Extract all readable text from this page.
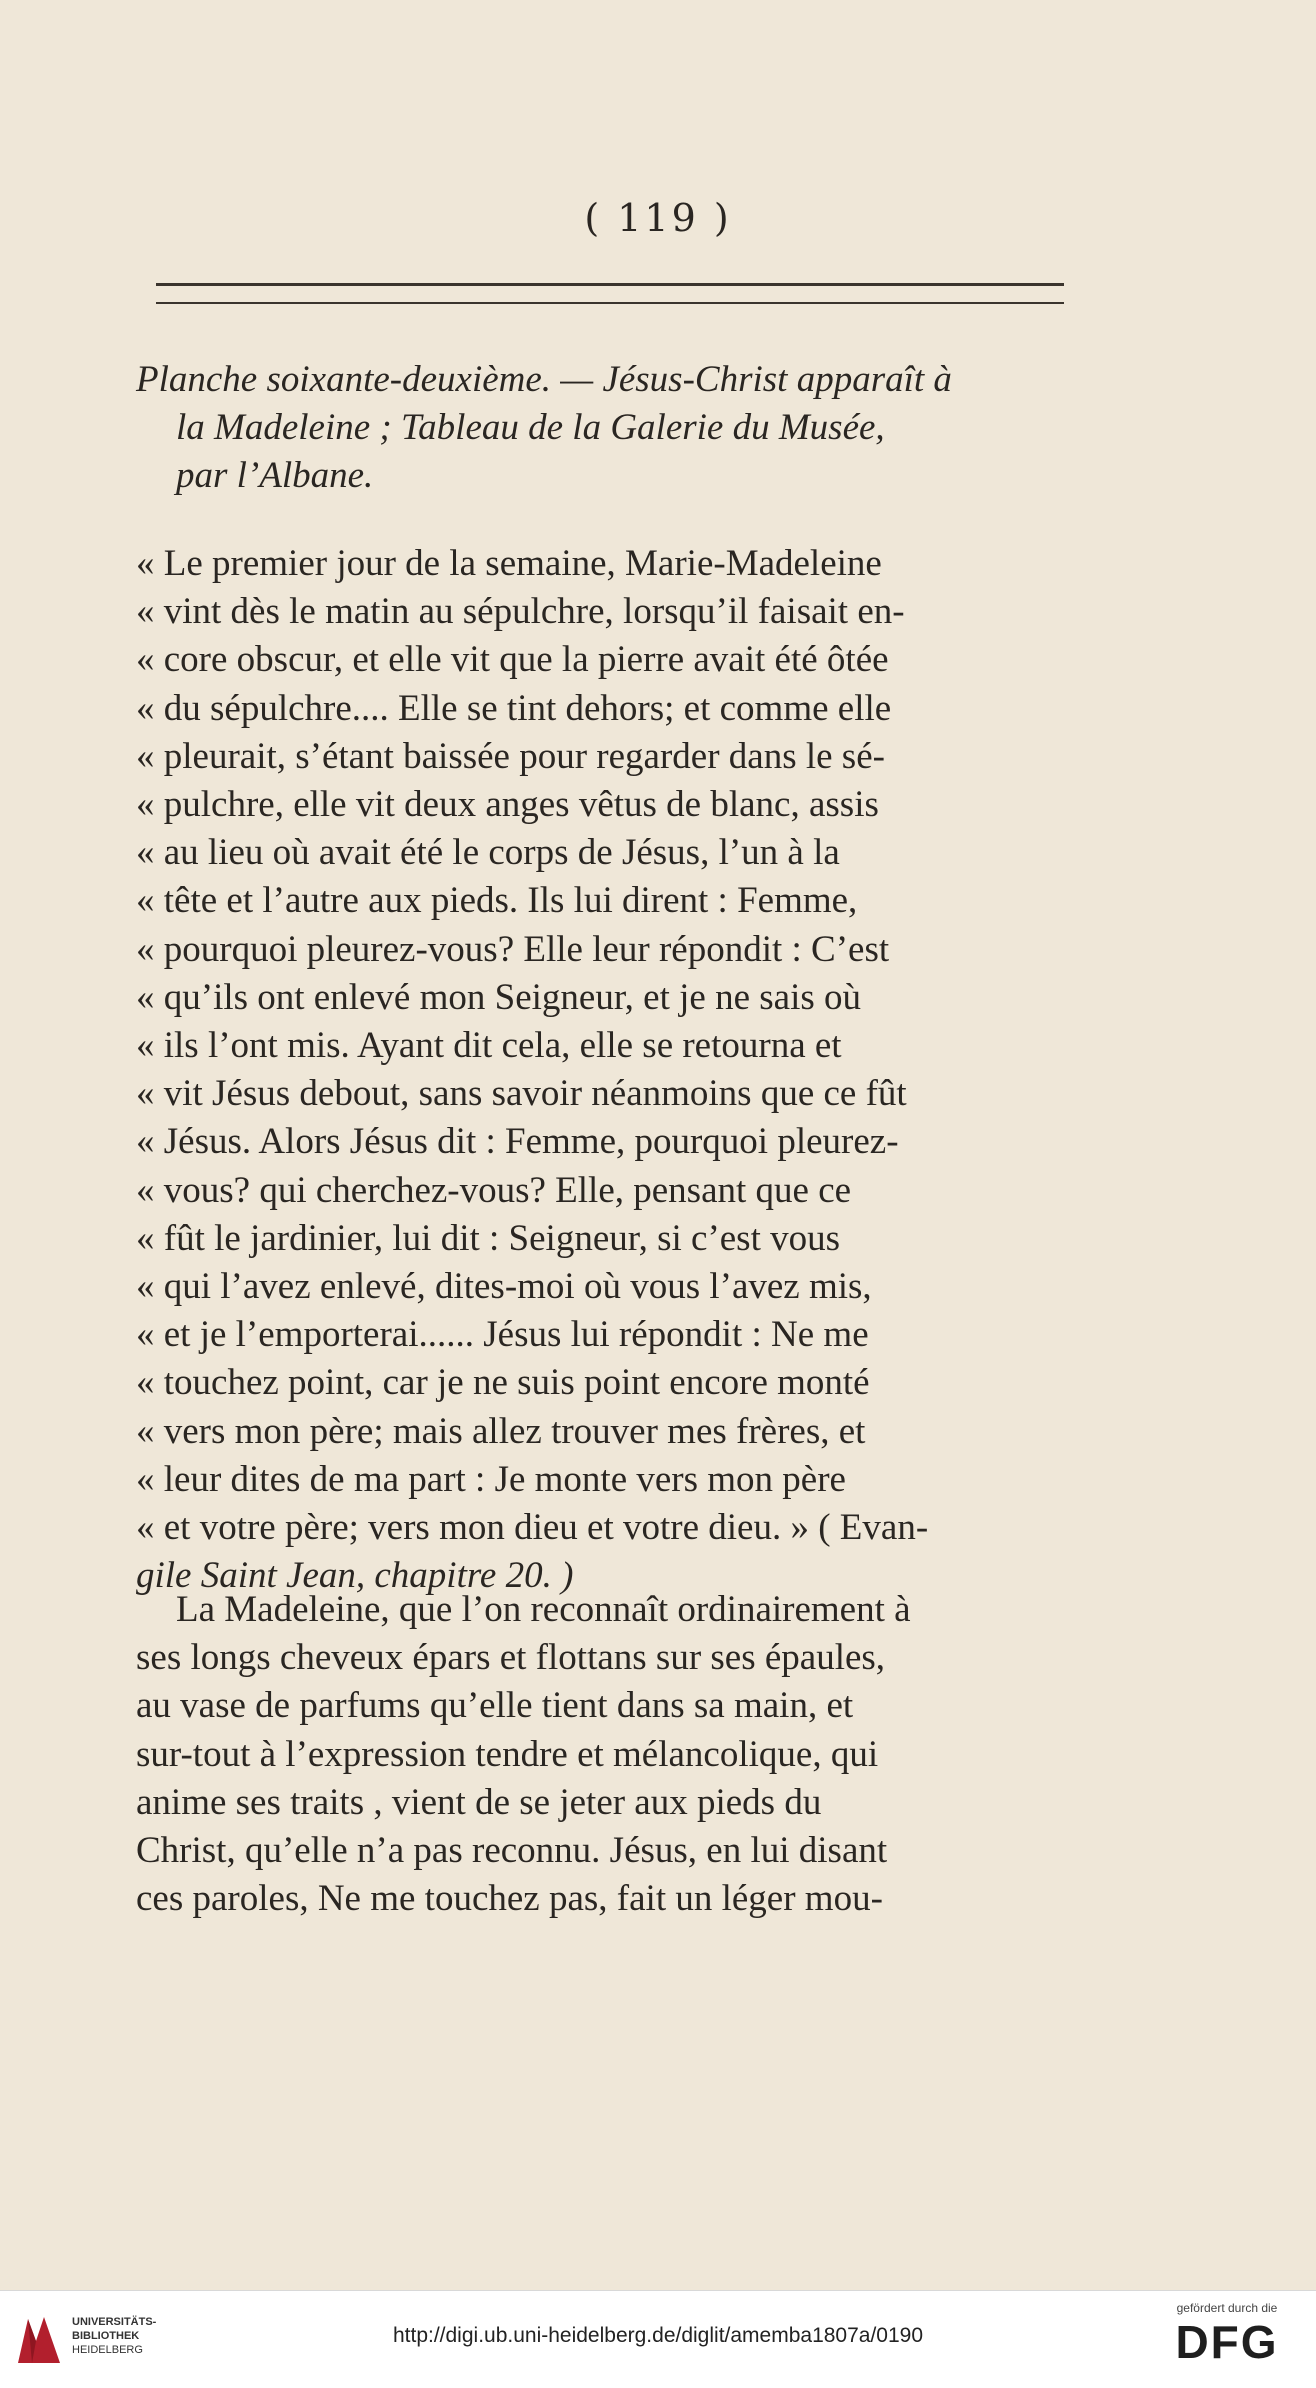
( 119 )

Planche soixante-deuxième. — Jésus-Christ apparaît à

la Madeleine ; Tableau de la Galerie du Musée,

par l’Albane.

« Le premier jour de la semaine, Marie-Madeleine

« vint dès le matin au sépulchre, lorsqu’il faisait en-

« core obscur, et elle vit que la pierre avait été ôtée

« du sépulchre.... Elle se tint dehors; et comme elle

« pleurait, s’étant baissée pour regarder dans le sé-

« pulchre, elle vit deux anges vêtus de blanc, assis

« au lieu où avait été le corps de Jésus, l’un à la

« tête et l’autre aux pieds. Ils lui dirent : Femme,

« pourquoi pleurez-vous? Elle leur répondit : C’est

« qu’ils ont enlevé mon Seigneur, et je ne sais où

« ils l’ont mis. Ayant dit cela, elle se retourna et

« vit Jésus debout, sans savoir néanmoins que ce fût

« Jésus. Alors Jésus dit : Femme, pourquoi pleurez-

« vous? qui cherchez-vous? Elle, pensant que ce

« fût le jardinier, lui dit : Seigneur, si c’est vous

« qui l’avez enlevé, dites-moi où vous l’avez mis,

« et je l’emporterai...... Jésus lui répondit : Ne me

« touchez point, car je ne suis point encore monté

« vers mon père; mais allez trouver mes frères, et

« leur dites de ma part : Je monte vers mon père

« et votre père; vers mon dieu et votre dieu. » ( Evan-

gile Saint Jean, chapitre 20. )

La Madeleine, que l’on reconnaît ordinairement à

ses longs cheveux épars et flottans sur ses épaules,

au vase de parfums qu’elle tient dans sa main, et

sur-tout à l’expression tendre et mélancolique, qui

anime ses traits , vient de se jeter aux pieds du

Christ, qu’elle n’a pas reconnu. Jésus, en lui disant

ces paroles, Ne me touchez pas, fait un léger mou-

UNIVERSITÄTS-
BIBLIOTHEK
HEIDELBERG
http://digi.ub.uni-heidelberg.de/diglit/amemba1807a/0190
gefördert durch die
DFG
